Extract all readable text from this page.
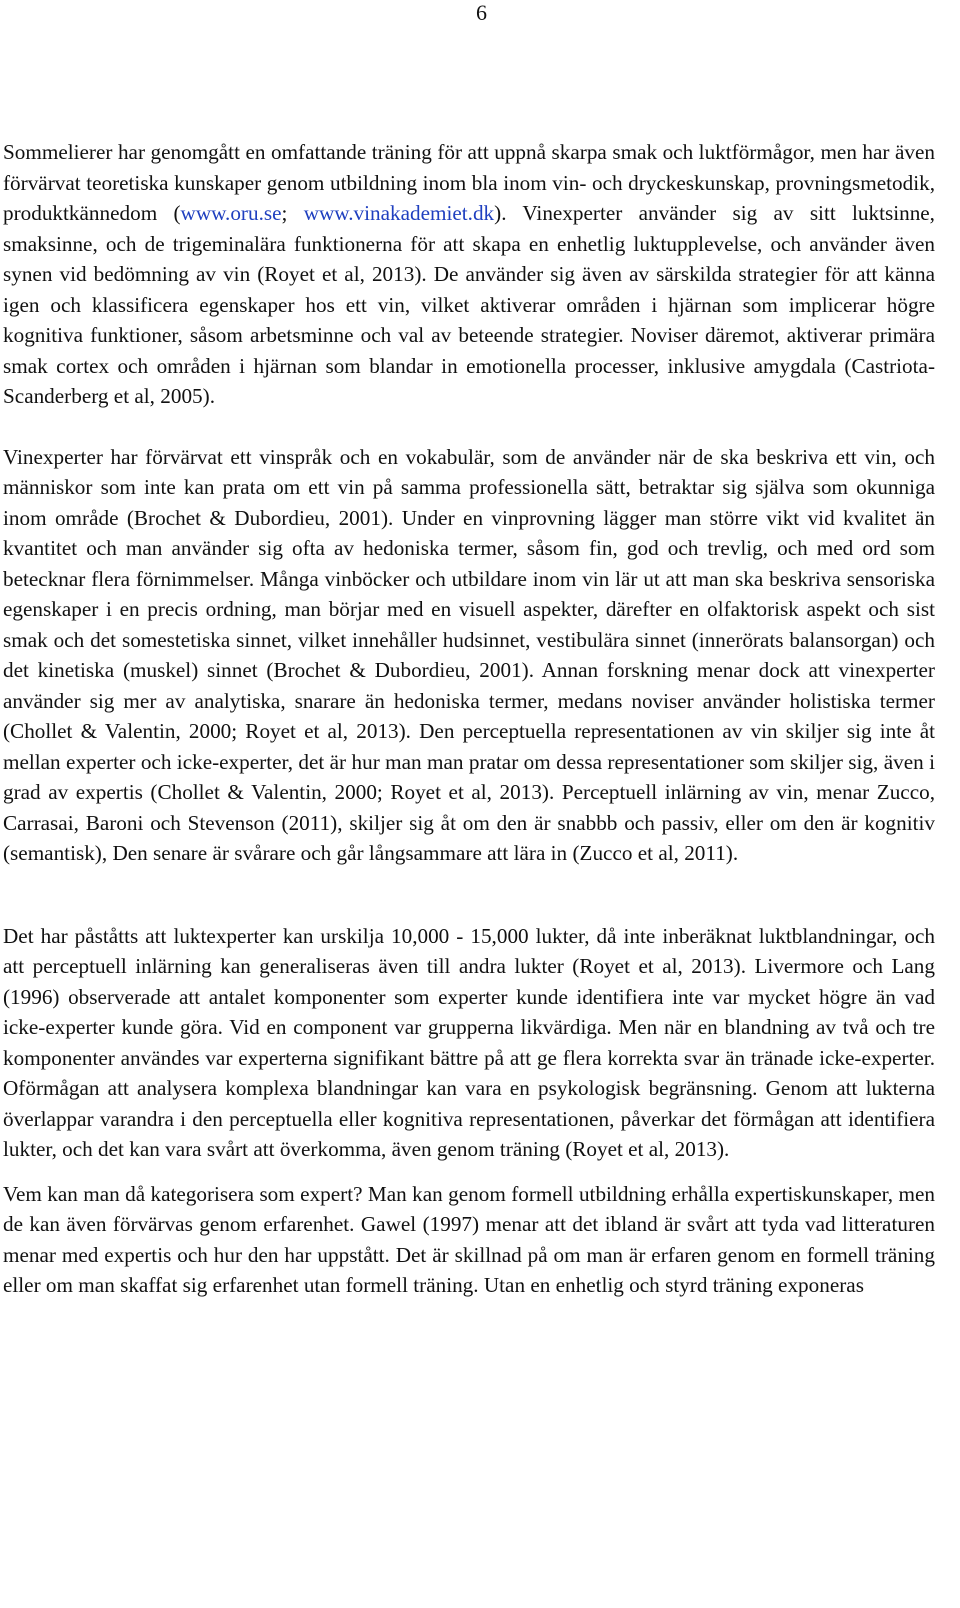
6

Sommelierer har genomgått en omfattande träning för att uppnå skarpa smak och luktförmågor, men har även förvärvat teoretiska kunskaper genom utbildning inom bla inom vin- och dryckeskunskap, provningsmetodik, produktkännedom (www.oru.se; www.vinakademiet.dk). Vinexperter använder sig av sitt luktsinne, smaksinne, och de trigeminalära funktionerna för att skapa en enhetlig luktupplevelse, och använder även synen vid bedömning av vin (Royet et al, 2013). De använder sig även av särskilda strategier för att känna igen och klassificera egenskaper hos ett vin, vilket aktiverar områden i hjärnan som implicerar högre kognitiva funktioner, såsom arbetsminne och val av beteende strategier. Noviser däremot, aktiverar primära smak cortex och områden i hjärnan som blandar in emotionella processer, inklusive amygdala (Castriota-Scanderberg et al, 2005).

Vinexperter har förvärvat ett vinspråk och en vokabulär, som de använder när de ska beskriva ett vin, och människor som inte kan prata om ett vin på samma professionella sätt, betraktar sig själva som okunniga inom område (Brochet & Dubordieu, 2001). Under en vinprovning lägger man större vikt vid kvalitet än kvantitet och man använder sig ofta av hedoniska termer, såsom fin, god och trevlig, och med ord som betecknar flera förnimmelser. Många vinböcker och utbildare inom vin lär ut att man ska beskriva sensoriska egenskaper i en precis ordning, man börjar med en visuell aspekter, därefter en olfaktorisk aspekt och sist smak och det somestetiska sinnet, vilket innehåller hudsinnet, vestibulära sinnet (innerörats balansorgan) och det kinetiska (muskel) sinnet (Brochet & Dubordieu, 2001). Annan forskning menar dock att vinexperter använder sig mer av analytiska, snarare än hedoniska termer, medans noviser använder holistiska termer (Chollet & Valentin, 2000; Royet et al, 2013). Den perceptuella representationen av vin skiljer sig inte åt mellan experter och icke-experter, det är hur man man pratar om dessa representationer som skiljer sig, även i grad av expertis (Chollet & Valentin, 2000; Royet et al, 2013). Perceptuell inlärning av vin, menar Zucco, Carrasai, Baroni och Stevenson (2011), skiljer sig åt om den är snabbb och passiv, eller om den är kognitiv (semantisk), Den senare är svårare och går långsammare att lära in (Zucco et al, 2011).

Det har påståtts att luktexperter kan urskilja 10,000 - 15,000 lukter, då inte inberäknat luktblandningar, och att perceptuell inlärning kan generaliseras även till andra lukter (Royet et al, 2013). Livermore och Lang (1996) observerade att antalet komponenter som experter kunde identifiera inte var mycket högre än vad icke-experter kunde göra. Vid en component var grupperna likvärdiga. Men när en blandning av två och tre komponenter användes var experterna signifikant bättre på att ge flera korrekta svar än tränade icke-experter. Oförmågan att analysera komplexa blandningar kan vara en psykologisk begränsning. Genom att lukterna överlappar varandra i den perceptuella eller kognitiva representationen, påverkar det förmågan att identifiera lukter, och det kan vara svårt att överkomma, även genom träning (Royet et al, 2013).

Vem kan man då kategorisera som expert? Man kan genom formell utbildning erhålla expertiskunskaper, men de kan även förvärvas genom erfarenhet. Gawel (1997) menar att det ibland är svårt att tyda vad litteraturen menar med expertis och hur den har uppstått. Det är skillnad på om man är erfaren genom en formell träning eller om man skaffat sig erfarenhet utan formell träning. Utan en enhetlig och styrd träning exponeras
